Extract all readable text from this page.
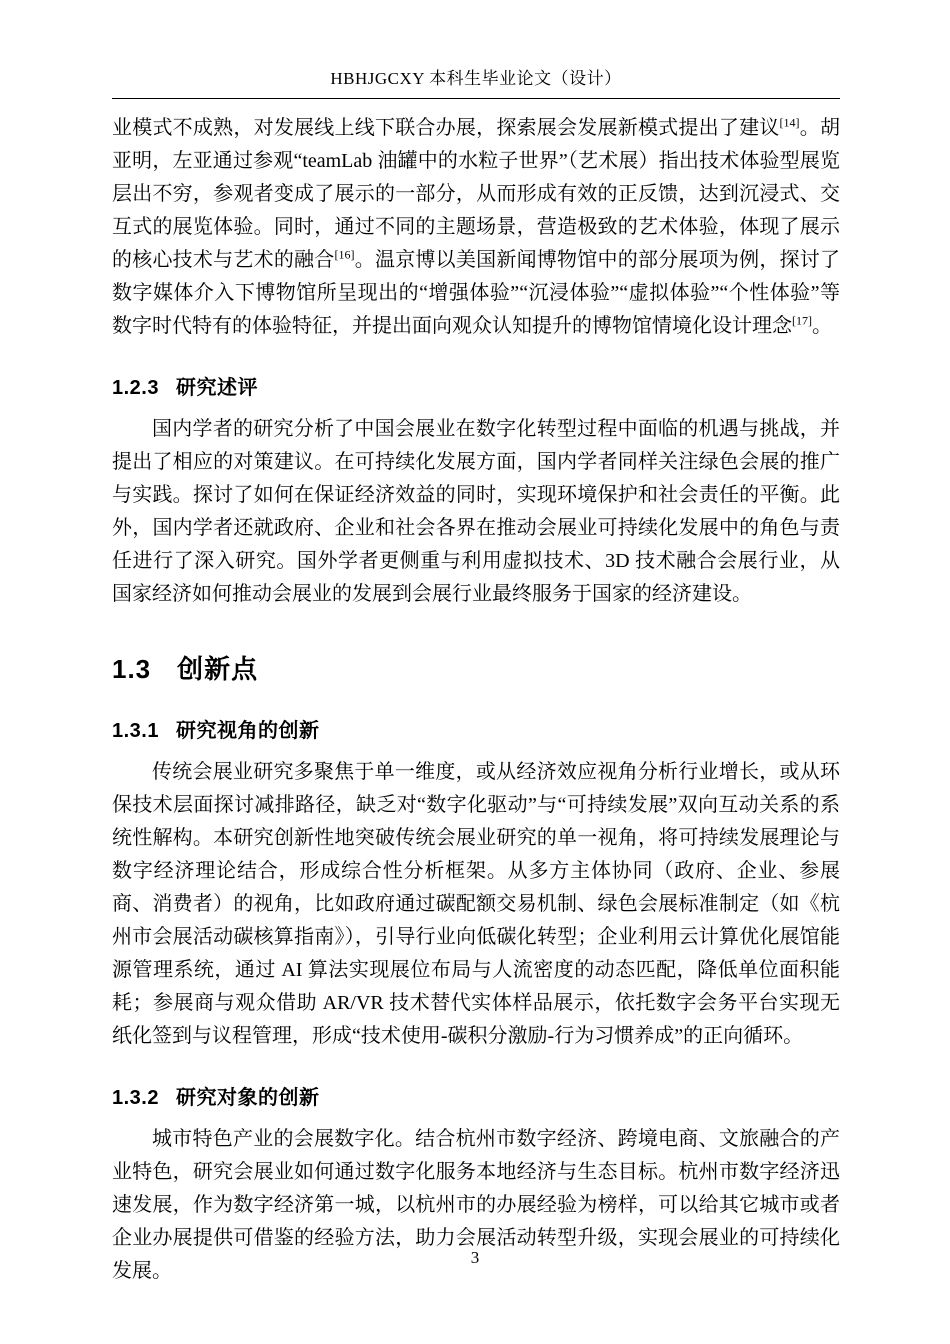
HBHJGCXY 本科生毕业论文（设计）

业模式不成熟，对发展线上线下联合办展，探索展会发展新模式提出了建议[14]。胡亚明，左亚通过参观“teamLab 油罐中的水粒子世界”（艺术展）指出技术体验型展览层出不穷，参观者变成了展示的一部分，从而形成有效的正反馈，达到沉浸式、交互式的展览体验。同时，通过不同的主题场景，营造极致的艺术体验，体现了展示的核心技术与艺术的融合[16]。温京博以美国新闻博物馆中的部分展项为例，探讨了数字媒体介入下博物馆所呈现出的“增强体验”“沉浸体验”“虚拟体验”“个性体验”等数字时代特有的体验特征，并提出面向观众认知提升的博物馆情境化设计理念[17]。

1.2.3 研究述评

国内学者的研究分析了中国会展业在数字化转型过程中面临的机遇与挑战，并提出了相应的对策建议。在可持续化发展方面，国内学者同样关注绿色会展的推广与实践。探讨了如何在保证经济效益的同时，实现环境保护和社会责任的平衡。此外，国内学者还就政府、企业和社会各界在推动会展业可持续化发展中的角色与责任进行了深入研究。国外学者更侧重与利用虚拟技术、3D 技术融合会展行业，从国家经济如何推动会展业的发展到会展行业最终服务于国家的经济建设。

1.3 创新点
1.3.1 研究视角的创新

传统会展业研究多聚焦于单一维度，或从经济效应视角分析行业增长，或从环保技术层面探讨减排路径，缺乏对“数字化驱动”与“可持续发展”双向互动关系的系统性解构。本研究创新性地突破传统会展业研究的单一视角，将可持续发展理论与数字经济理论结合，形成综合性分析框架。从多方主体协同（政府、企业、参展商、消费者）的视角，比如政府通过碳配额交易机制、绿色会展标准制定（如《杭州市会展活动碳核算指南》），引导行业向低碳化转型；企业利用云计算优化展馆能源管理系统，通过 AI 算法实现展位布局与人流密度的动态匹配，降低单位面积能耗；参展商与观众借助 AR/VR 技术替代实体样品展示，依托数字会务平台实现无纸化签到与议程管理，形成“技术使用-碳积分激励-行为习惯养成”的正向循环。

1.3.2 研究对象的创新

城市特色产业的会展数字化。结合杭州市数字经济、跨境电商、文旅融合的产业特色，研究会展业如何通过数字化服务本地经济与生态目标。杭州市数字经济迅速发展，作为数字经济第一城，以杭州市的办展经验为榜样，可以给其它城市或者企业办展提供可借鉴的经验方法，助力会展活动转型升级，实现会展业的可持续化发展。

3
